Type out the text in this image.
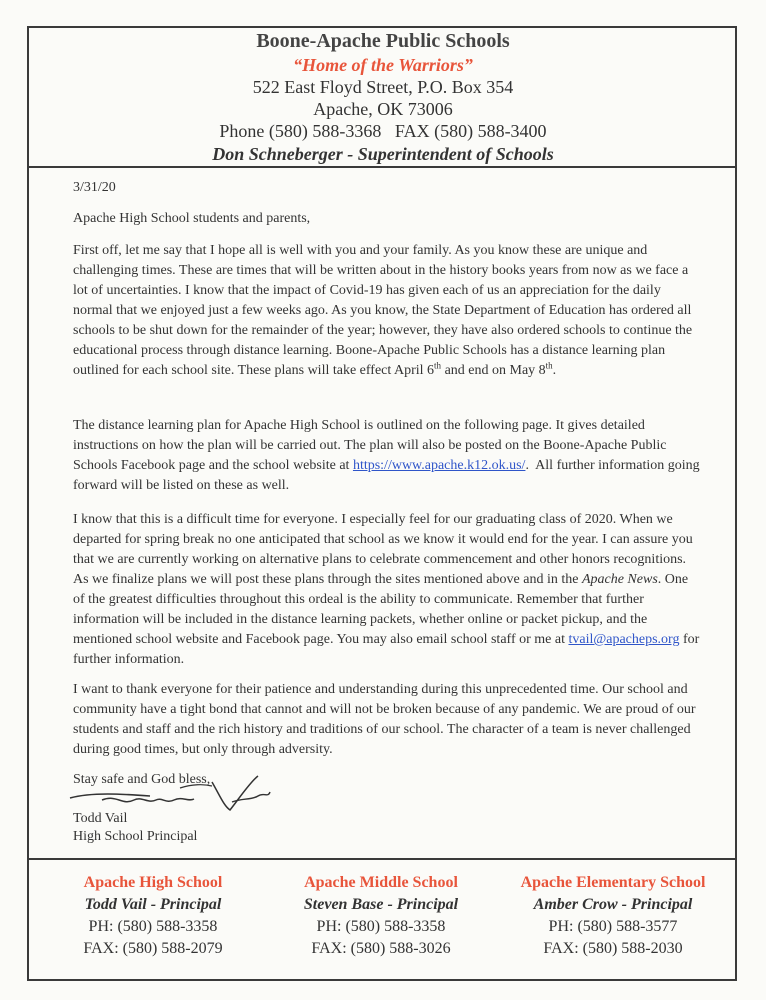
Boone-Apache Public Schools
“Home of the Warriors”
522 East Floyd Street, P.O. Box 354
Apache, OK 73006
Phone (580) 588-3368   FAX (580) 588-3400
Don Schneberger - Superintendent of Schools
3/31/20
Apache High School students and parents,
First off, let me say that I hope all is well with you and your family. As you know these are unique and challenging times. These are times that will be written about in the history books years from now as we face a lot of uncertainties. I know that the impact of Covid-19 has given each of us an appreciation for the daily normal that we enjoyed just a few weeks ago. As you know, the State Department of Education has ordered all schools to be shut down for the remainder of the year; however, they have also ordered schools to continue the educational process through distance learning. Boone-Apache Public Schools has a distance learning plan outlined for each school site. These plans will take effect April 6th and end on May 8th.
The distance learning plan for Apache High School is outlined on the following page. It gives detailed instructions on how the plan will be carried out. The plan will also be posted on the Boone-Apache Public Schools Facebook page and the school website at https://www.apache.k12.ok.us/.  All further information going forward will be listed on these as well.
I know that this is a difficult time for everyone. I especially feel for our graduating class of 2020. When we departed for spring break no one anticipated that school as we know it would end for the year. I can assure you that we are currently working on alternative plans to celebrate commencement and other honors recognitions. As we finalize plans we will post these plans through the sites mentioned above and in the Apache News. One of the greatest difficulties throughout this ordeal is the ability to communicate. Remember that further information will be included in the distance learning packets, whether online or packet pickup, and the mentioned school website and Facebook page. You may also email school staff or me at tvail@apacheps.org for further information.
I want to thank everyone for their patience and understanding during this unprecedented time. Our school and community have a tight bond that cannot and will not be broken because of any pandemic. We are proud of our students and staff and the rich history and traditions of our school. The character of a team is never challenged during good times, but only through adversity.
Stay safe and God bless,
Todd Vail
High School Principal
Apache High School
Todd Vail - Principal
PH: (580) 588-3358
FAX: (580) 588-2079
Apache Middle School
Steven Base - Principal
PH: (580) 588-3358
FAX: (580) 588-3026
Apache Elementary School
Amber Crow - Principal
PH: (580) 588-3577
FAX: (580) 588-2030
